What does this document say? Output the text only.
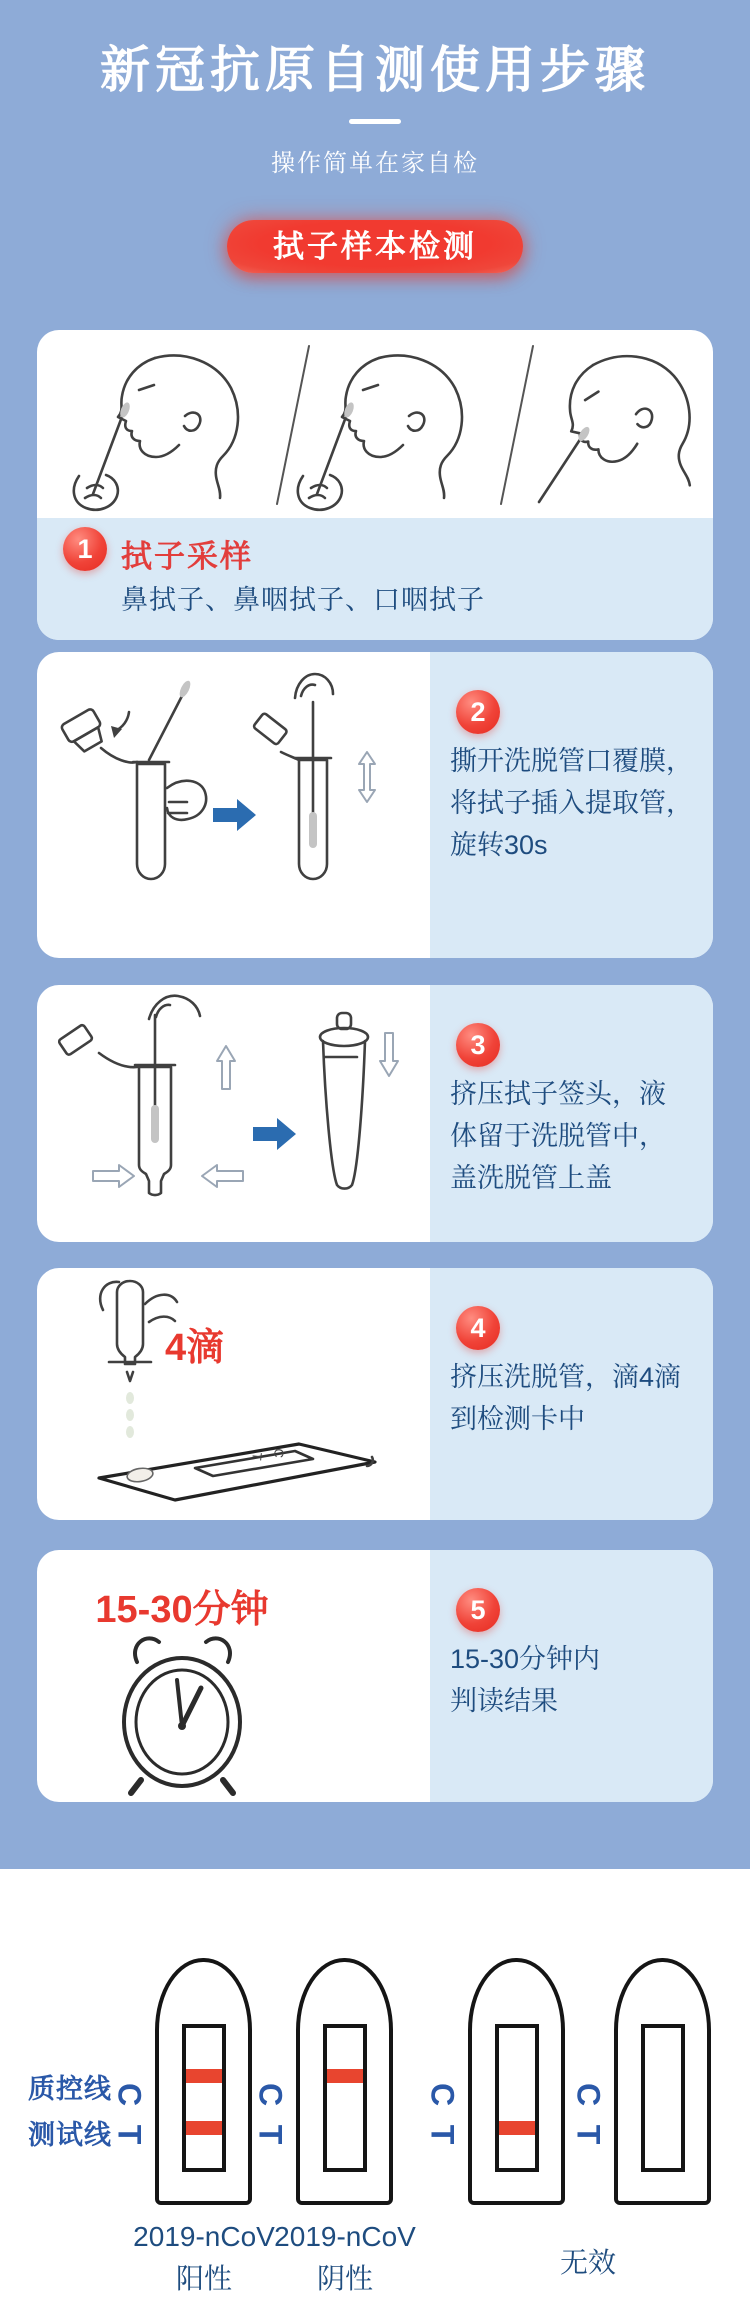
新冠抗原自测使用步骤
操作简单在家自检
拭子样本检测
1 拭子采样
鼻拭子、鼻咽拭子、口咽拭子
2
撕开洗脱管口覆膜，
将拭子插入提取管，
旋转30s
3
挤压拭子签头，液
体留于洗脱管中，
盖洗脱管上盖
C
T
4滴	4
挤压洗脱管，滴4滴
到检测卡中
15-30分钟	5
15-30分钟内
判读结果
质控线
测试线
C
T
C
T
C
T
C
T
2019-nCoV
阳性
2019-nCoV
阴性
无效
